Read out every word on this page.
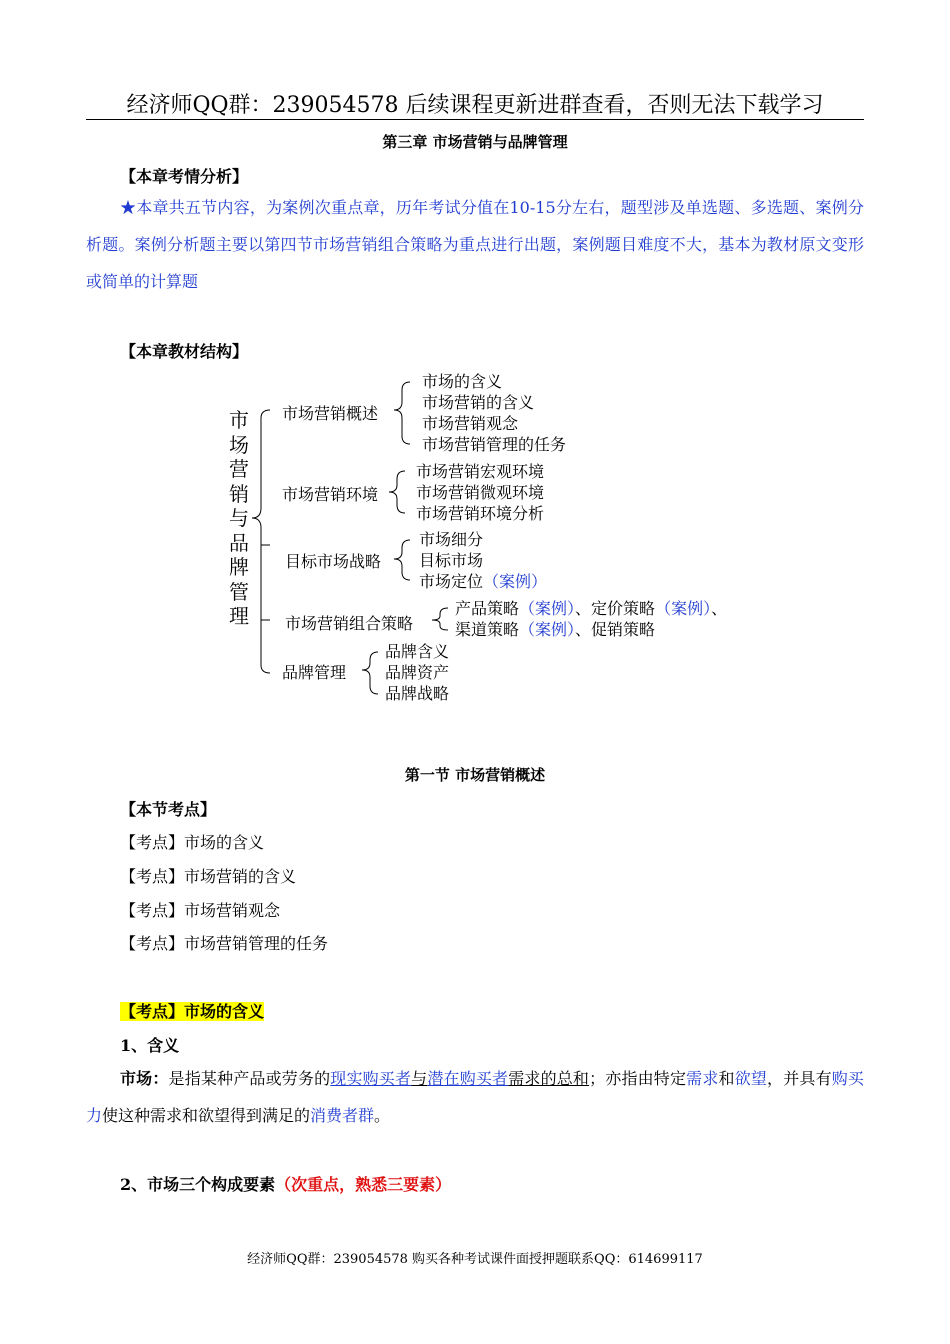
经济师QQ群：239054578 后续课程更新进群查看，否则无法下载学习
第三章 市场营销与品牌管理
【本章考情分析】
★本章共五节内容，为案例次重点章，历年考试分值在10-15分左右，题型涉及单选题、多选题、案例分析题。案例分析题主要以第四节市场营销组合策略为重点进行出题，案例题目难度不大，基本为教材原文变形或简单的计算题
【本章教材结构】
市
场
营
销
与
品
牌
管
理
市场营销概述
市场营销环境
目标市场战略
市场营销组合策略
品牌管理
市场的含义
市场营销的含义
市场营销观念
市场营销管理的任务
市场营销宏观环境
市场营销微观环境
市场营销环境分析
市场细分
目标市场
市场定位（案例）
产品策略（案例）、定价策略（案例）、
渠道策略（案例）、促销策略
品牌含义
品牌资产
品牌战略
第一节 市场营销概述
【本节考点】
【考点】市场的含义
【考点】市场营销的含义
【考点】市场营销观念
【考点】市场营销管理的任务
【考点】市场的含义
1、含义
市场：是指某种产品或劳务的现实购买者与潜在购买者需求的总和；亦指由特定需求和欲望，并具有购买力使这种需求和欲望得到满足的消费者群。
2、市场三个构成要素（次重点，熟悉三要素）
经济师QQ群：239054578 购买各种考试课件面授押题联系QQ：614699117
